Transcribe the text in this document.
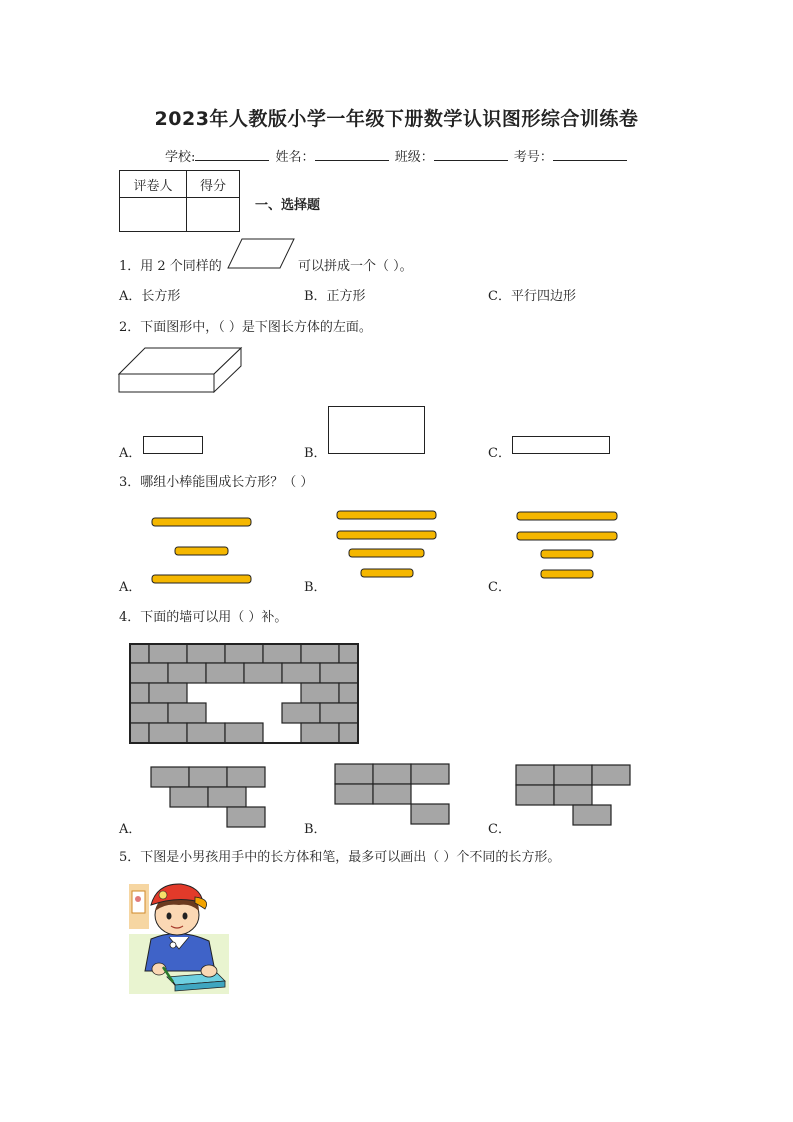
2023年人教版小学一年级下册数学认识图形综合训练卷
学校:	姓名：	班级：	考号：
评卷人	得分

一、选择题
1．用 2 个同样的	可以拼成一个（ ）。
A．长方形	B．正方形	C．平行四边形
2．下面图形中，（ ）是下图长方体的左面。
A．	B．	C．
3．哪组小棒能围成长方形？（ ）
A．	B．	C．
4．下面的墙可以用（ ）补。
A．	B．	C．
5．下图是小男孩用手中的长方体和笔，最多可以画出（ ）个不同的长方形。
